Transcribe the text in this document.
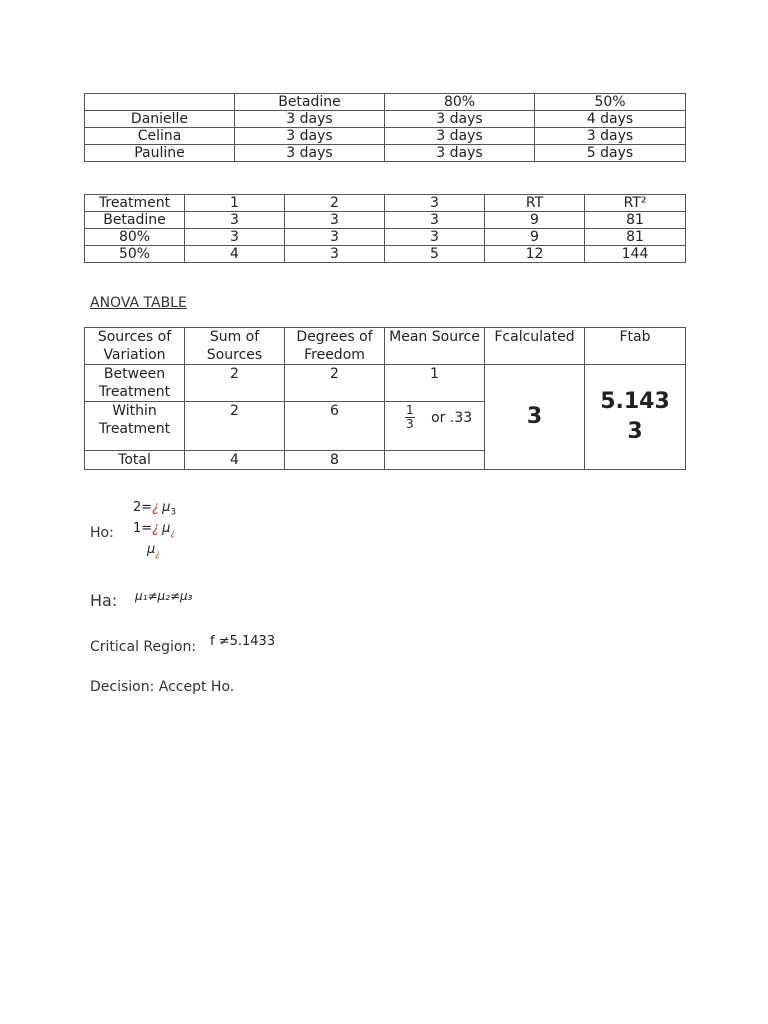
	Betadine	80%	50%
Danielle	3 days	3 days	4 days
Celina	3 days	3 days	3 days
Pauline	3 days	3 days	5 days
Treatment	1	2	3	RT	RT²
Betadine	3	3	3	9	81
80%	3	3	3	9	81
50%	4	3	5	12	144
ANOVA TABLE
Sources of Variation	Sum of Sources	Degrees of Freedom	Mean Source	Fcalculated	Ftab
Between Treatment	2	2	1	3	5.143 3
Within Treatment	2	6	$\frac{1}{3}$ or .33		
Total	4	8			
Ho:
2=¿ $\mu_3$
1=¿ $\mu_¿$
$\mu_¿$
Ha: μ₁≠μ₂≠μ₃
Critical Region: f ≠5.1433
Decision: Accept Ho.
